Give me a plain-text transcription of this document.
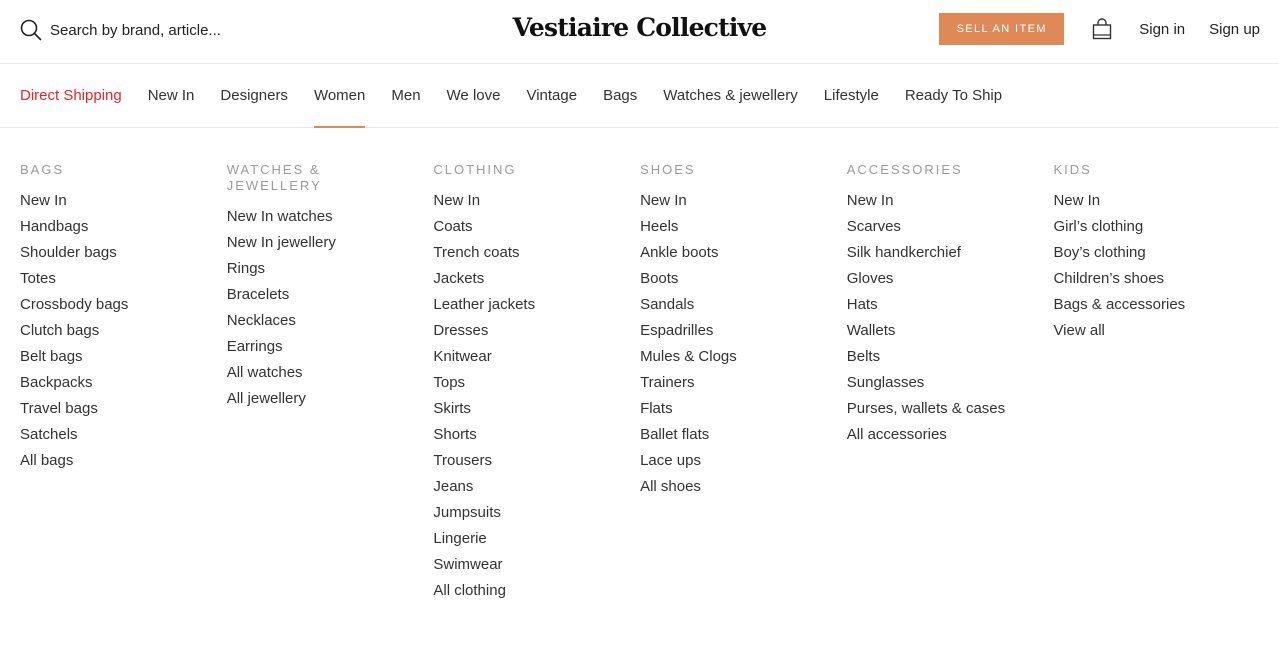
Search by brand, article...
Vestiaire Collective	SELL AN ITEM	Sign in Sign up
Direct Shipping New In Designers Women Men We love Vintage Bags Watches & jewellery Lifestyle Ready To Ship
BAGS
New In
Handbags
Shoulder bags
Totes
Crossbody bags
Clutch bags
Belt bags
Backpacks
Travel bags
Satchels
All bags
WATCHES & JEWELLERY
New In watches
New In jewellery
Rings
Bracelets
Necklaces
Earrings
All watches
All jewellery
CLOTHING
New In
Coats
Trench coats
Jackets
Leather jackets
Dresses
Knitwear
Tops
Skirts
Shorts
Trousers
Jeans
Jumpsuits
Lingerie
Swimwear
All clothing
SHOES
New In
Heels
Ankle boots
Boots
Sandals
Espadrilles
Mules & Clogs
Trainers
Flats
Ballet flats
Lace ups
All shoes
ACCESSORIES
New In
Scarves
Silk handkerchief
Gloves
Hats
Wallets
Belts
Sunglasses
Purses, wallets & cases
All accessories
KIDS
New In
Girl’s clothing
Boy’s clothing
Children’s shoes
Bags & accessories
View all
